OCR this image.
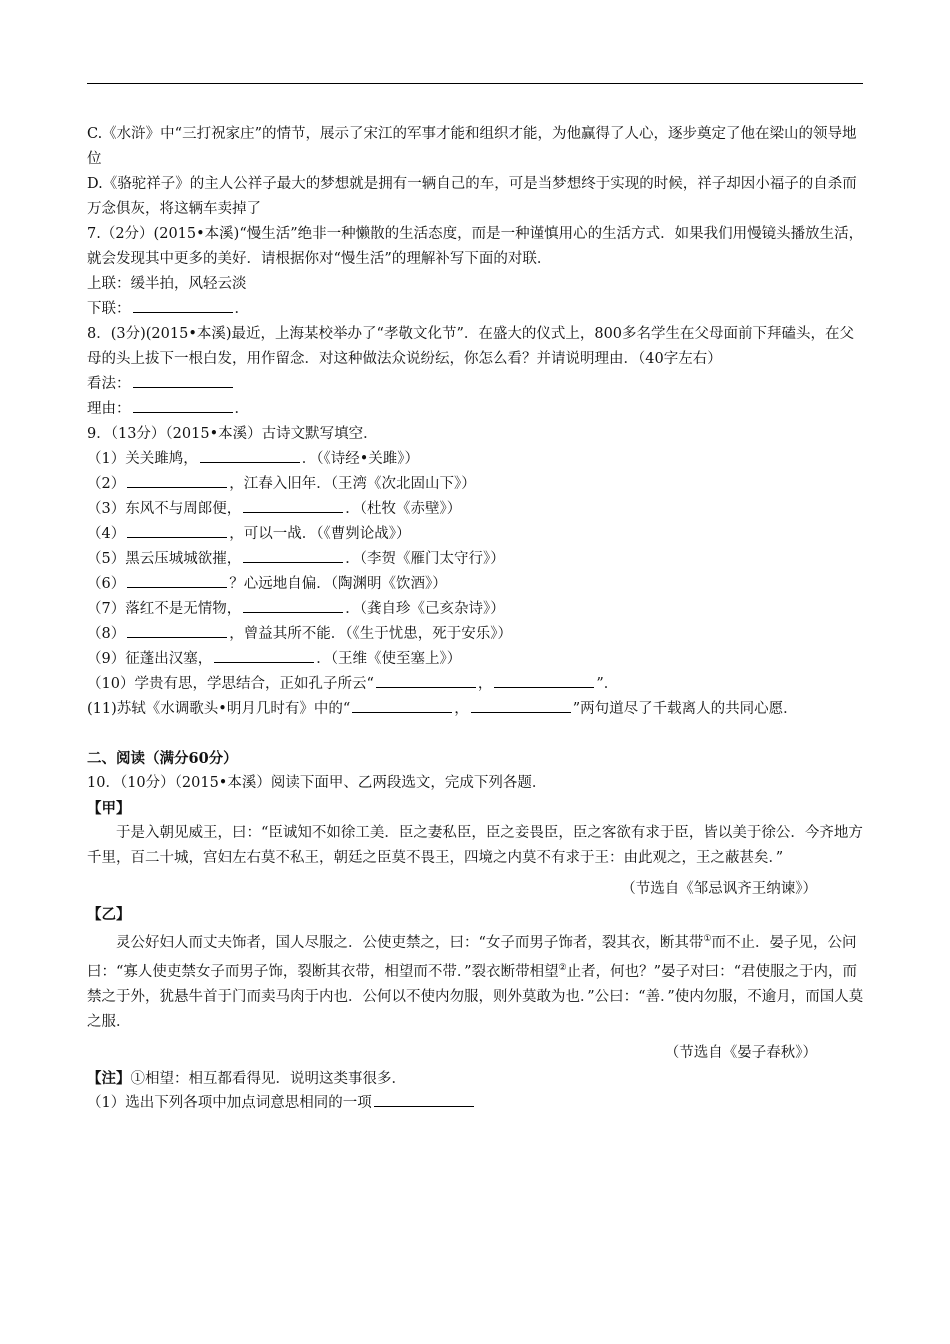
C.《水浒》中“三打祝家庄”的情节，展示了宋江的军事才能和组织才能，为他赢得了人心，逐步奠定了他在梁山的领导地位
D.《骆驼祥子》的主人公祥子最大的梦想就是拥有一辆自己的车，可是当梦想终于实现的时候，祥子却因小福子的自杀而万念俱灰，将这辆车卖掉了
7.（2分）(2015•本溪)“慢生活”绝非一种懒散的生活态度，而是一种谨慎用心的生活方式．如果我们用慢镜头播放生活，
就会发现其中更多的美好．请根据你对“慢生活”的理解补写下面的对联．
上联：缓半拍，风轻云淡
下联：	．
8．(3分)(2015•本溪)最近，上海某校举办了“孝敬文化节”．在盛大的仪式上，800多名学生在父母面前下拜磕头，在父
母的头上拔下一根白发，用作留念．对这种做法众说纷纭，你怎么看？并请说明理由．（40字左右）
看法：
理由：	．
9．（13分）（2015•本溪）古诗文默写填空．
（1）关关雎鸠，	．（《诗经•关雎》）
（2）	，江春入旧年．（王湾《次北固山下》）
（3）东风不与周郎便，	．（杜牧《赤壁》）
（4）	，可以一战．（《曹刿论战》）
（5）黑云压城城欲摧，	．（李贺《雁门太守行》）
（6）	？心远地自偏．（陶渊明《饮酒》）
（7）落红不是无情物，	．（龚自珍《己亥杂诗》）
（8）	，曾益其所不能．（《生于忧患，死于安乐》）
（9）征蓬出汉塞，	．（王维《使至塞上》）
（10）学贵有思，学思结合，正如孔子所云“	，	”．
(11)苏轼《水调歌头•明月几时有》中的“	，	”两句道尽了千载离人的共同心愿．
二、阅读（满分60分）
10．（10分）（2015•本溪）阅读下面甲、乙两段选文，完成下列各题．
【甲】
于是入朝见威王，曰：“臣诚知不如徐工美．臣之妻私臣，臣之妾畏臣，臣之客欲有求于臣，皆以美于徐公．今齐地方千里，百二十城，宫妇左右莫不私王，朝廷之臣莫不畏王，四境之内莫不有求于王：由此观之，王之蔽甚矣．”
（节选自《邹忌讽齐王纳谏》）
【乙】
灵公好妇人而丈夫饰者，国人尽服之．公使吏禁之，曰：“女子而男子饰者，裂其衣，断其带①而不止．晏子见，公问曰：“寡人使吏禁女子而男子饰，裂断其衣带，相望而不带．”裂衣断带相望②止者，何也？”晏子对曰：“君使服之于内，而禁之于外，犹悬牛首于门而卖马肉于内也．公何以不使内勿服，则外莫敢为也．”公曰：“善．”使内勿服，不逾月，而国人莫之服．
（节选自《晏子春秋》）
【注】①相望：相互都看得见．说明这类事很多．
（1）选出下列各项中加点词意思相同的一项
